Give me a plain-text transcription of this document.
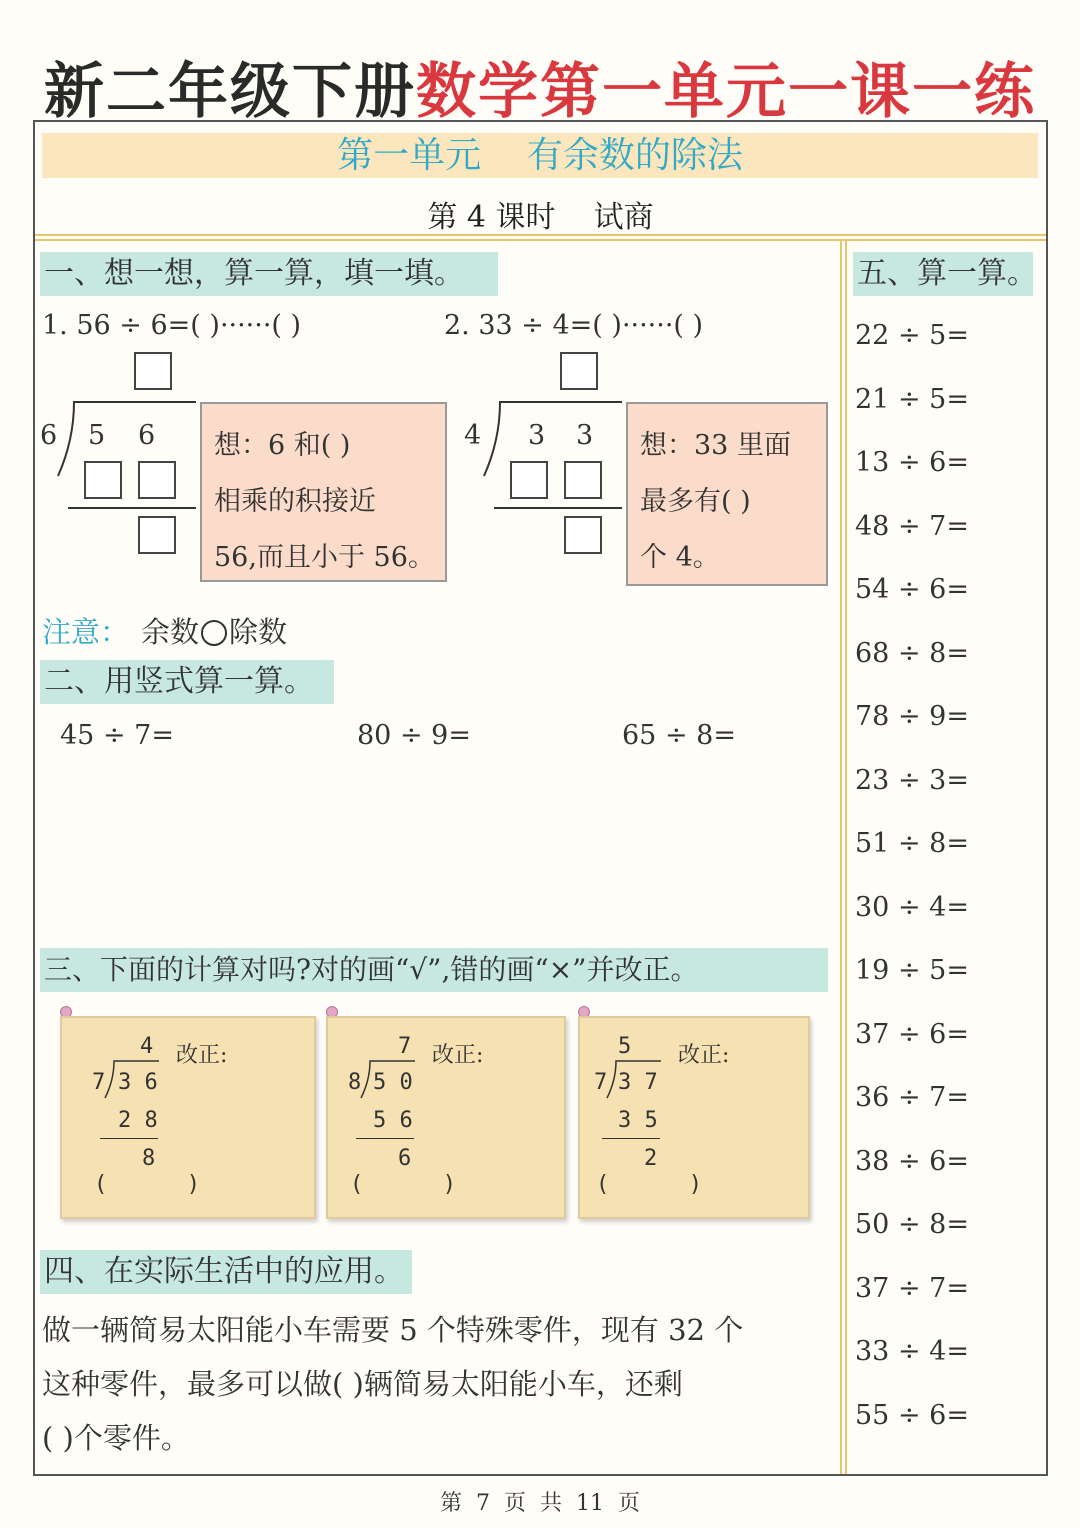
新二年级下册数学第一单元一课一练
第一单元    有余数的除法
第 4 课时    试商
一、想一想，算一算，填一填。
1. 56 ÷ 6=( )······( )	2. 33 ÷ 4=( )······( )
6 5 6 想：6 和( )
相乘的积接近
56,而且小于 56。
4 3 3 想：33 里面
最多有( )
个 4。
注意： 余数 除数
二、用竖式算一算。
45 ÷ 7=	80 ÷ 9=	65 ÷ 8=
三、下面的计算对吗?对的画“√”,错的画“×”并改正。
4
7 3 6
2 8
8
改正:
(      )
7
8 5 0
5 6
6
改正:
(      )
5
7 3 7
3 5
2
改正:
(      )
四、在实际生活中的应用。
做一辆简易太阳能小车需要 5 个特殊零件，现有 32 个
这种零件，最多可以做( )辆简易太阳能小车，还剩
( )个零件。
五、算一算。
22 ÷ 5=
21 ÷ 5=
13 ÷ 6=
48 ÷ 7=
54 ÷ 6=
68 ÷ 8=
78 ÷ 9=
23 ÷ 3=
51 ÷ 8=
30 ÷ 4=
19 ÷ 5=
37 ÷ 6=
36 ÷ 7=
38 ÷ 6=
50 ÷ 8=
37 ÷ 7=
33 ÷ 4=
55 ÷ 6=
第  7  页  共  11  页
